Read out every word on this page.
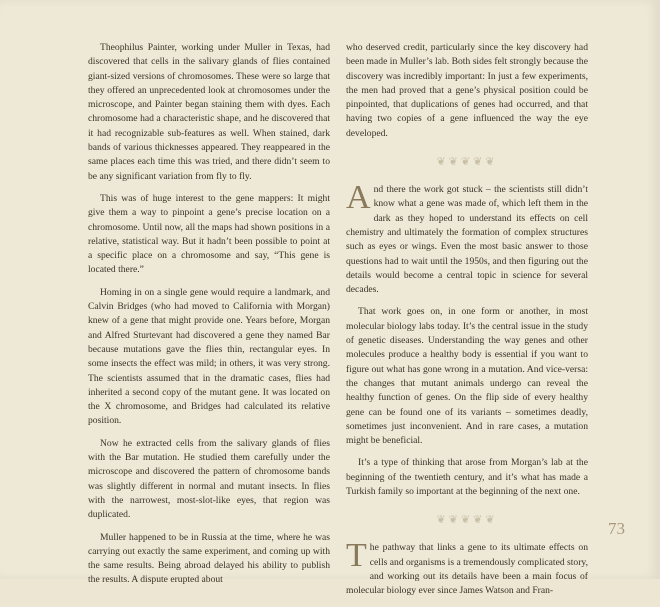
Theophilus Painter, working under Muller in Texas, had discovered that cells in the salivary glands of flies contained giant-sized versions of chromosomes. These were so large that they offered an unprecedented look at chromosomes under the microscope, and Painter began staining them with dyes. Each chromosome had a characteristic shape, and he discovered that it had recognizable sub-features as well. When stained, dark bands of various thicknesses appeared. They reappeared in the same places each time this was tried, and there didn’t seem to be any significant variation from fly to fly.

This was of huge interest to the gene mappers: It might give them a way to pinpoint a gene’s precise location on a chromosome. Until now, all the maps had shown positions in a relative, statistical way. But it hadn’t been possible to point at a specific place on a chromosome and say, “This gene is located there.”

Homing in on a single gene would require a landmark, and Calvin Bridges (who had moved to California with Morgan) knew of a gene that might provide one. Years before, Morgan and Alfred Sturtevant had discovered a gene they named Bar because mutations gave the flies thin, rectangular eyes. In some insects the effect was mild; in others, it was very strong. The scientists assumed that in the dramatic cases, flies had inherited a second copy of the mutant gene. It was located on the X chromosome, and Bridges had calculated its relative position.

Now he extracted cells from the salivary glands of flies with the Bar mutation. He studied them carefully under the microscope and discovered the pattern of chromosome bands was slightly different in normal and mutant insects. In flies with the narrowest, most-slot-like eyes, that region was duplicated.

Muller happened to be in Russia at the time, where he was carrying out exactly the same experiment, and coming up with the same results. Being abroad delayed his ability to publish the results. A dispute erupted about

who deserved credit, particularly since the key discovery had been made in Muller’s lab. Both sides felt strongly because the discovery was incredibly important: In just a few experiments, the men had proved that a gene’s physical position could be pinpointed, that duplications of genes had occurred, and that having two copies of a gene influenced the way the eye developed.

❦❦❦❦❦

And there the work got stuck – the scientists still didn’t know what a gene was made of, which left them in the dark as they hoped to understand its effects on cell chemistry and ultimately the formation of complex structures such as eyes or wings. Even the most basic answer to those questions had to wait until the 1950s, and then figuring out the details would become a central topic in science for several decades.

That work goes on, in one form or another, in most molecular biology labs today. It’s the central issue in the study of genetic diseases. Understanding the way genes and other molecules produce a healthy body is essential if you want to figure out what has gone wrong in a mutation. And vice-versa: the changes that mutant animals undergo can reveal the healthy function of genes. On the flip side of every healthy gene can be found one of its variants – sometimes deadly, sometimes just inconvenient. And in rare cases, a mutation might be beneficial.

It’s a type of thinking that arose from Morgan’s lab at the beginning of the twentieth century, and it’s what has made a Turkish family so important at the beginning of the next one.

❦❦❦❦❦

The pathway that links a gene to its ultimate effects on cells and organisms is a tremendously complicated story, and working out its details have been a main focus of molecular biology ever since James Watson and Fran-

73
